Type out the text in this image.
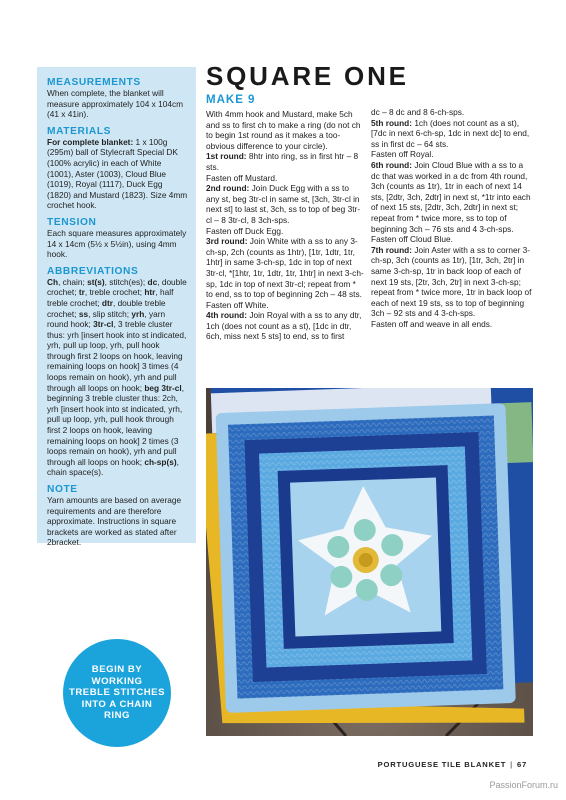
MEASUREMENTS

When complete, the blanket will measure approximately 104 x 104cm (41 x 41in).

MATERIALS

For complete blanket: 1 x 100g (295m) ball of Stylecraft Special DK (100% acrylic) in each of White (1001), Aster (1003), Cloud Blue (1019), Royal (1117), Duck Egg (1820) and Mustard (1823). Size 4mm crochet hook.

TENSION

Each square measures approximately 14 x 14cm (5½ x 5½in), using 4mm hook.

ABBREVIATIONS

Ch, chain; st(s), stitch(es); dc, double crochet; tr, treble crochet; htr, half treble crochet; dtr, double treble crochet; ss, slip stitch; yrh, yarn round hook; 3tr-cl, 3 treble cluster thus: yrh [insert hook into st indicated, yrh, pull up loop, yrh, pull hook through first 2 loops on hook, leaving remaining loops on hook] 3 times (4 loops remain on hook), yrh and pull through all loops on hook; beg 3tr-cl, beginning 3 treble cluster thus: 2ch, yrh [insert hook into st indicated, yrh, pull up loop, yrh, pull hook through first 2 loops on hook, leaving remaining loops on hook] 2 times (3 loops remain on hook), yrh and pull through all loops on hook; ch-sp(s), chain space(s).

NOTE

Yarn amounts are based on average requirements and are therefore approximate. Instructions in square brackets are worked as stated after 2bracket.

BEGIN BY
WORKING
TREBLE STITCHES
INTO A CHAIN
RING
SQUARE ONE
MAKE 9

With 4mm hook and Mustard, make 5ch and ss to first ch to make a ring (do not ch to begin 1st round as it makes a too-obvious difference to your circle).

1st round: 8htr into ring, ss in first htr – 8 sts.

Fasten off Mustard.

2nd round: Join Duck Egg with a ss to any st, beg 3tr-cl in same st, [3ch, 3tr-cl in next st] to last st, 3ch, ss to top of beg 3tr-cl – 8 3tr-cl, 8 3ch-sps.

Fasten off Duck Egg.

3rd round: Join White with a ss to any 3-ch-sp, 2ch (counts as 1htr), [1tr, 1dtr, 1tr, 1htr] in same 3-ch-sp, 1dc in top of next 3tr-cl, *[1htr, 1tr, 1dtr, 1tr, 1htr] in next 3-ch-sp, 1dc in top of next 3tr-cl; repeat from * to end, ss to top of beginning 2ch – 48 sts.

Fasten off White.

4th round: Join Royal with a ss to any dtr, 1ch (does not count as a st), [1dc in dtr, 6ch, miss next 5 sts] to end, ss to first

dc – 8 dc and 8 6-ch-sps.

5th round: 1ch (does not count as a st), [7dc in next 6-ch-sp, 1dc in next dc] to end, ss in first dc – 64 sts.

Fasten off Royal.

6th round: Join Cloud Blue with a ss to a dc that was worked in a dc from 4th round, 3ch (counts as 1tr), 1tr in each of next 14 sts, [2dtr, 3ch, 2dtr] in next st, *1tr into each of next 15 sts, [2dtr, 3ch, 2dtr] in next st; repeat from * twice more, ss to top of beginning 3ch – 76 sts and 4 3-ch-sps.

Fasten off Cloud Blue.

7th round: Join Aster with a ss to corner 3-ch-sp, 3ch (counts as 1tr), [1tr, 3ch, 2tr] in same 3-ch-sp, 1tr in back loop of each of next 19 sts, [2tr, 3ch, 2tr] in next 3-ch-sp; repeat from * twice more, 1tr in back loop of each of next 19 sts, ss to top of beginning 3ch – 92 sts and 4 3-ch-sps.

Fasten off and weave in all ends.

PORTUGUESE TILE BLANKET | 67
PassionForum.ru
